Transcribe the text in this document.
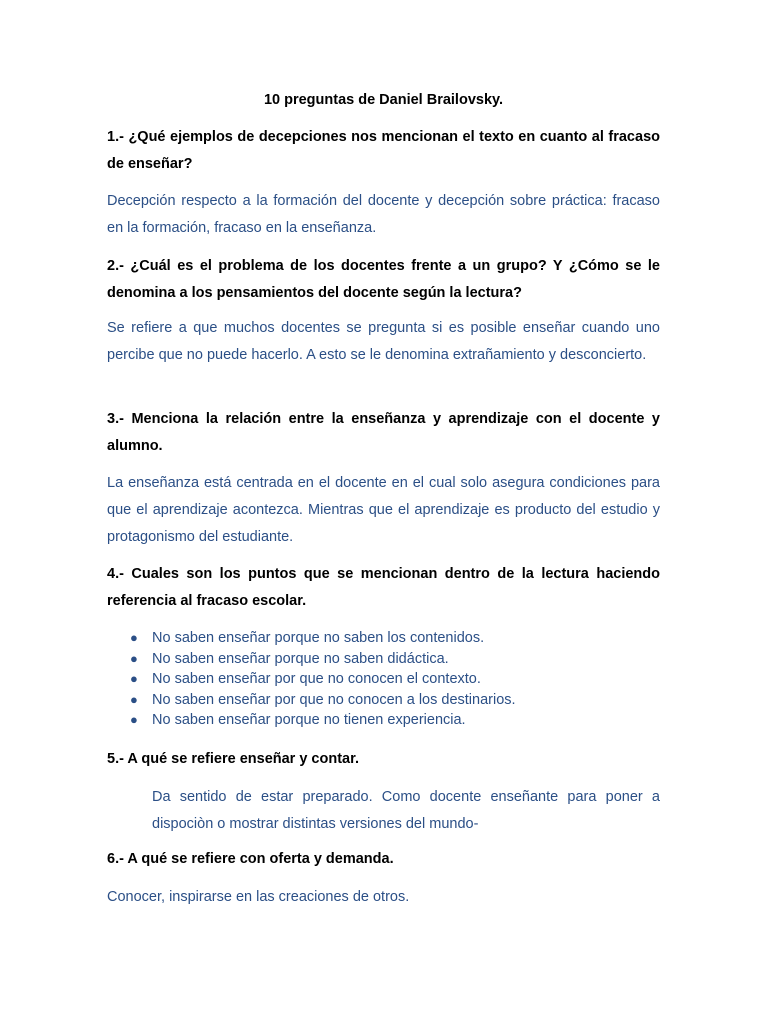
10 preguntas de Daniel Brailovsky.
1.- ¿Qué ejemplos de decepciones nos mencionan el texto en cuanto al fracaso de enseñar?
Decepción respecto a la formación del docente y decepción sobre práctica: fracaso en la formación, fracaso en la enseñanza.
2.- ¿Cuál es el problema de los docentes frente a un grupo? Y ¿Cómo se le denomina a los pensamientos del docente según la lectura?
Se refiere a que muchos docentes se pregunta si es posible enseñar cuando uno percibe que no puede hacerlo. A esto se le denomina extrañamiento y desconcierto.
3.- Menciona la relación entre la enseñanza y aprendizaje con el docente y alumno.
La enseñanza está centrada en el docente en el cual solo asegura condiciones para que el aprendizaje acontezca. Mientras que el aprendizaje es producto del estudio y protagonismo del estudiante.
4.- Cuales son los puntos que se mencionan dentro de la lectura haciendo referencia al fracaso escolar.
● No saben enseñar porque no saben los contenidos.
● No saben enseñar porque no saben didáctica.
● No saben enseñar por que no conocen el contexto.
● No saben enseñar por que no conocen a los destinarios.
● No saben enseñar porque no tienen experiencia.
5.- A qué se refiere enseñar y contar.
Da sentido de estar preparado. Como docente enseñante para poner a dispociòn o mostrar distintas versiones del mundo-
6.- A qué se refiere con oferta y demanda.
Conocer, inspirarse en las creaciones de otros.
